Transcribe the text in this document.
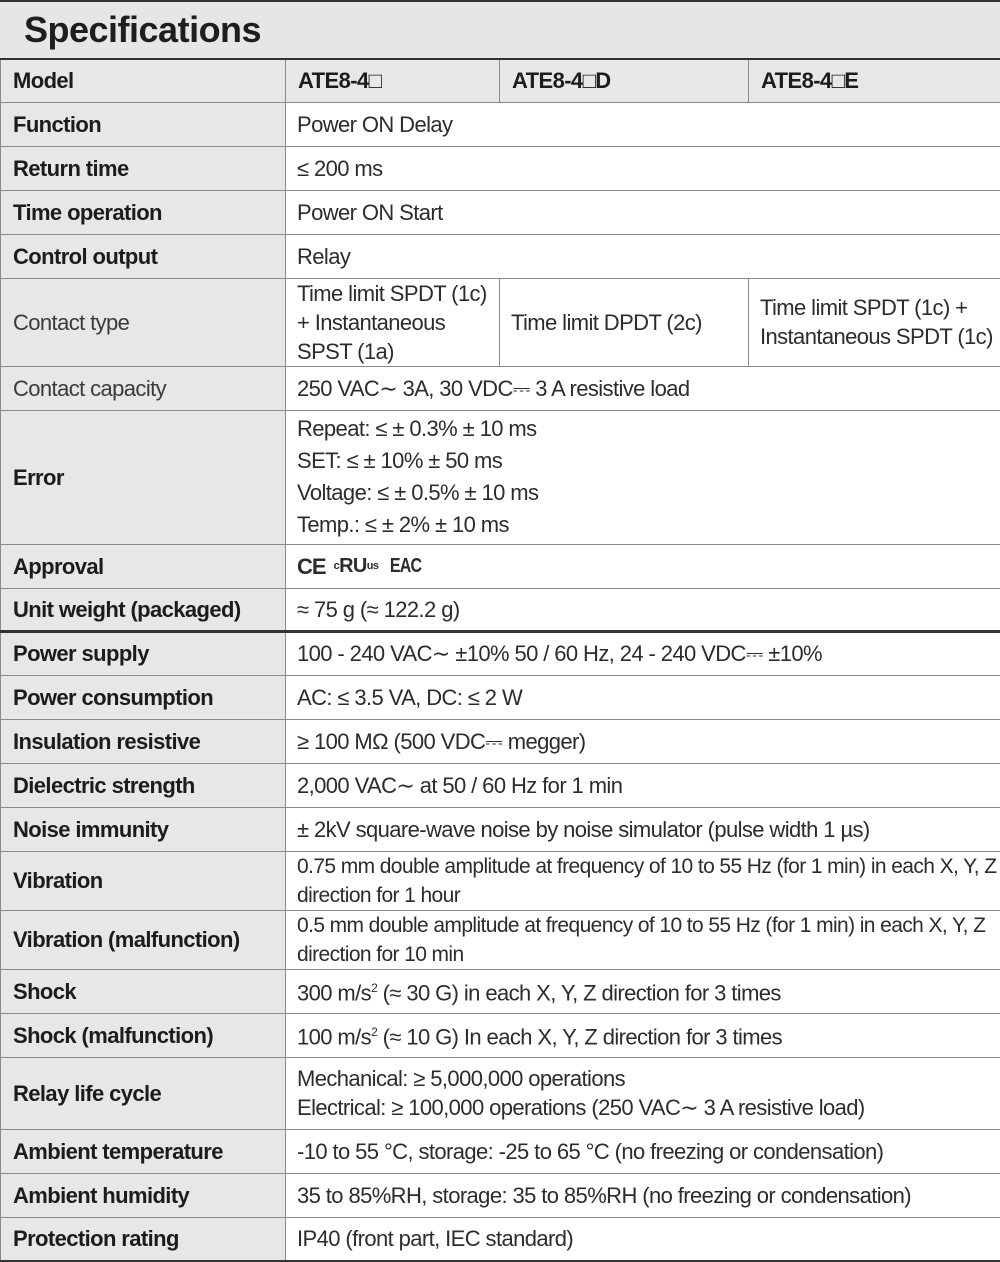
Specifications
Model	ATE8-4□	ATE8-4□D	ATE8-4□E
Function	Power ON Delay		
Return time	≤ 200 ms		
Time operation	Power ON Start		
Control output	Relay		
Contact type	Time limit SPDT (1c) + Instantaneous SPST (1a)	Time limit DPDT (2c)	Time limit SPDT (1c) + Instantaneous SPDT (1c)
Contact capacity	250 VAC∼ 3A, 30 VDC⎓ 3 A resistive load		
Error	Repeat: ≤ ± 0.3% ± 10 ms
SET: ≤ ± 10% ± 50 ms
Voltage: ≤ ± 0.5% ± 10 ms
Temp.: ≤ ± 2% ± 10 ms		

Approval	CE c RU us EAC		

Unit weight (packaged)	≈ 75 g (≈ 122.2 g)		
Power supply	100 - 240 VAC∼ ±10% 50 / 60 Hz, 24 - 240 VDC⎓ ±10%		
Power consumption	AC: ≤ 3.5 VA, DC: ≤ 2 W		
Insulation resistive	≥ 100 MΩ (500 VDC⎓ megger)		
Dielectric strength	2,000 VAC∼ at 50 / 60 Hz for 1 min		
Noise immunity	± 2kV square-wave noise by noise simulator (pulse width 1 µs)		
Vibration	0.75 mm double amplitude at frequency of 10 to 55 Hz (for 1 min) in each X, Y, Z direction for 1 hour		
Vibration (malfunction)	0.5 mm double amplitude at frequency of 10 to 55 Hz (for 1 min) in each X, Y, Z direction for 10 min		
Shock	300 $m/s^2$ (≈ 30 G) in each X, Y, Z direction for 3 times		
Shock (malfunction)	100 $m/s^2$ (≈ 10 G) In each X, Y, Z direction for 3 times		
Relay life cycle	Mechanical: ≥ 5,000,000 operations
Electrical: ≥ 100,000 operations (250 VAC∼ 3 A resistive load)		

Ambient temperature	-10 to 55 °C, storage: -25 to 65 °C (no freezing or condensation)		
Ambient humidity	35 to 85%RH, storage: 35 to 85%RH (no freezing or condensation)		
Protection rating	IP40 (front part, IEC standard)		
